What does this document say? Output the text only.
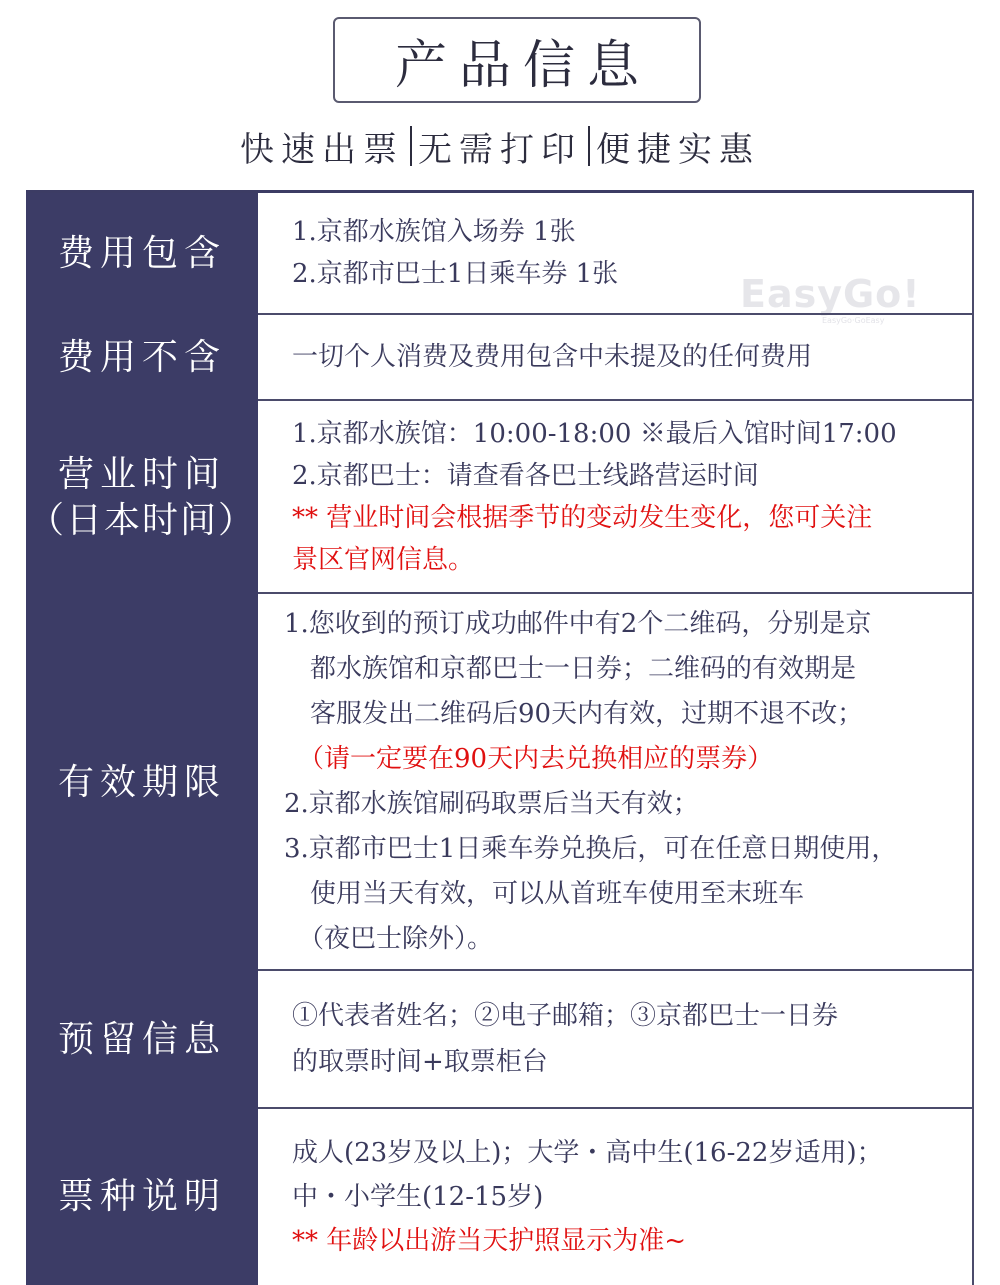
产品信息
快速出票 无需打印 便捷实惠
EasyGo!
EasyGo·GoEasy
费用包含
1.京都水族馆入场券 1张
2.京都市巴士1日乘车券 1张
费用不含	一切个人消费及费用包含中未提及的任何费用
营业时间
（日本时间）
1.京都水族馆：10:00-18:00 ※最后入馆时间17:00
2.京都巴士：请查看各巴士线路营运时间
** 营业时间会根据季节的变动发生变化，您可关注
景区官网信息。
有效期限
1.您收到的预订成功邮件中有2个二维码，分别是京
都水族馆和京都巴士一日券；二维码的有效期是
客服发出二维码后90天内有效，过期不退不改；
（请一定要在90天内去兑换相应的票券）
2.京都水族馆刷码取票后当天有效；
3.京都市巴士1日乘车券兑换后，可在任意日期使用，
使用当天有效，可以从首班车使用至末班车
（夜巴士除外）。
预留信息
①代表者姓名；②电子邮箱；③京都巴士一日券
的取票时间+取票柜台
票种说明
成人(23岁及以上)；大学・高中生(16-22岁适用)；
中・小学生(12-15岁)
** 年龄以出游当天护照显示为准~
